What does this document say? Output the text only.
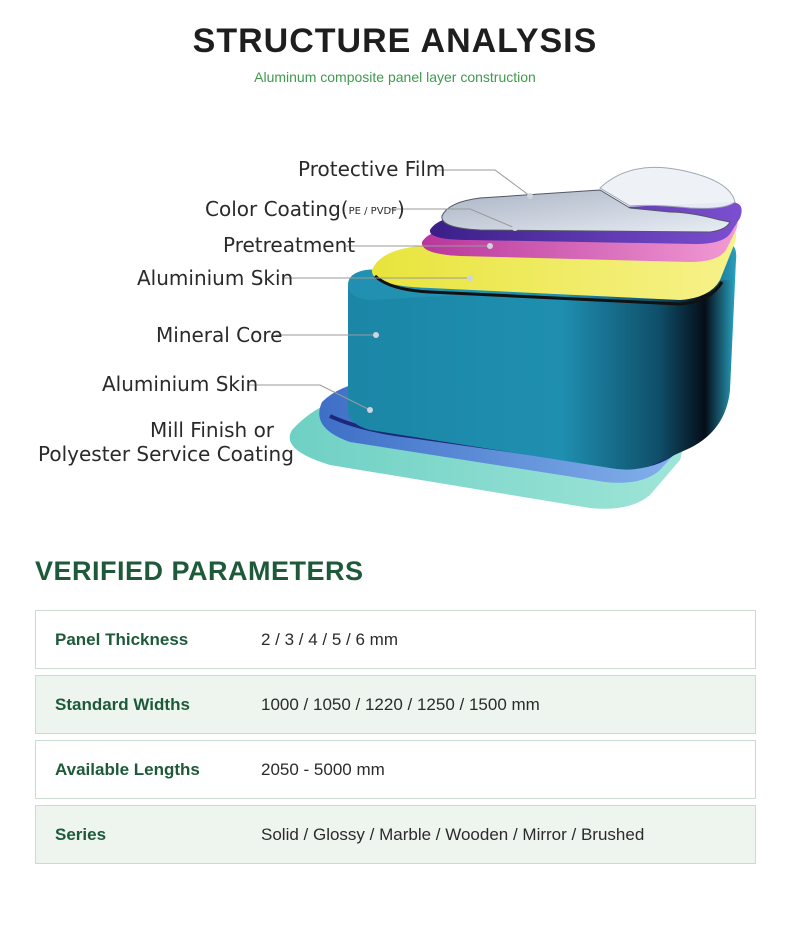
STRUCTURE ANALYSIS
Aluminum composite panel layer construction
Protective Film
Color Coating(PE / PVDF)
Pretreatment
Aluminium Skin
Mineral Core
Aluminium Skin
Mill Finish or
Polyester Service Coating
VERIFIED PARAMETERS
Panel Thickness	2 / 3 / 4 / 5 / 6 mm
Standard Widths	1000 / 1050 / 1220 / 1250 / 1500 mm
Available Lengths	2050 - 5000 mm
Series	Solid / Glossy / Marble / Wooden / Mirror / Brushed
